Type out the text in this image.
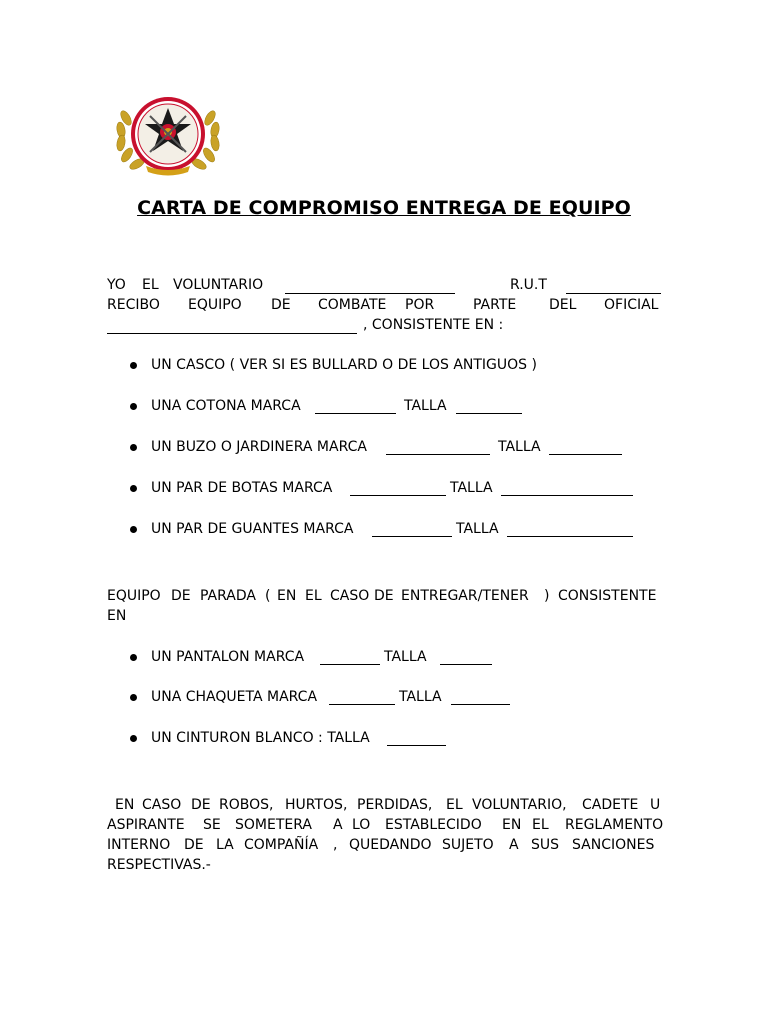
CARTA DE COMPROMISO ENTREGA DE EQUIPO
YO EL VOLUNTARIO	R.U.T
RECIBO EQUIPO DE COMBATE POR	PARTE DEL OFICIAL
, CONSISTENTE EN :
UN CASCO ( VER SI ES BULLARD O DE LOS ANTIGUOS )
UNA COTONA MARCA	TALLA
UN BUZO O JARDINERA MARCA	TALLA
UN PAR DE BOTAS MARCA	TALLA
UN PAR DE GUANTES MARCA	TALLA
EQUIPO DE PARADA ( EN EL CASO DE ENTREGAR/TENER ) CONSISTENTE
EN
UN PANTALON MARCA	TALLA
UNA CHAQUETA MARCA	TALLA
UN CINTURON BLANCO : TALLA
EN CASO DE ROBOS, HURTOS, PERDIDAS, EL VOLUNTARIO, CADETE U
ASPIRANTE SE SOMETERA A LO ESTABLECIDO EN EL REGLAMENTO
INTERNO DE LA COMPAÑÍA , QUEDANDO SUJETO A SUS SANCIONES
RESPECTIVAS.-
